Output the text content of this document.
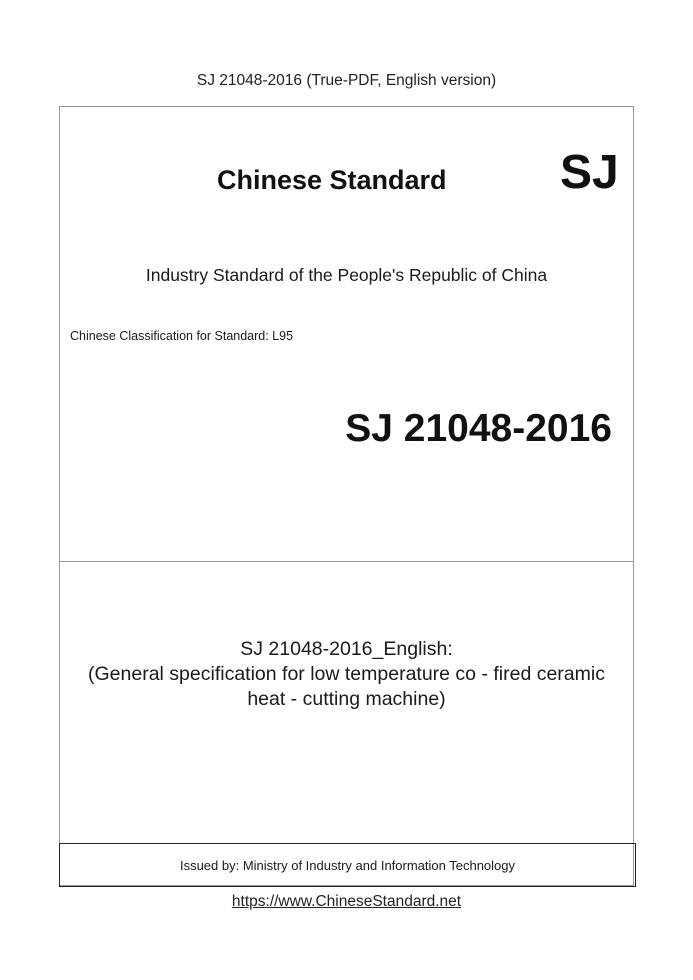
SJ 21048-2016 (True-PDF, English version)
Chinese Standard SJ
Industry Standard of the People's Republic of China
Chinese Classification for Standard: L95
SJ 21048-2016
SJ 21048-2016_English:
(General specification for low temperature co - fired ceramic
heat - cutting machine)
Issued by: Ministry of Industry and Information Technology
https://www.ChineseStandard.net
